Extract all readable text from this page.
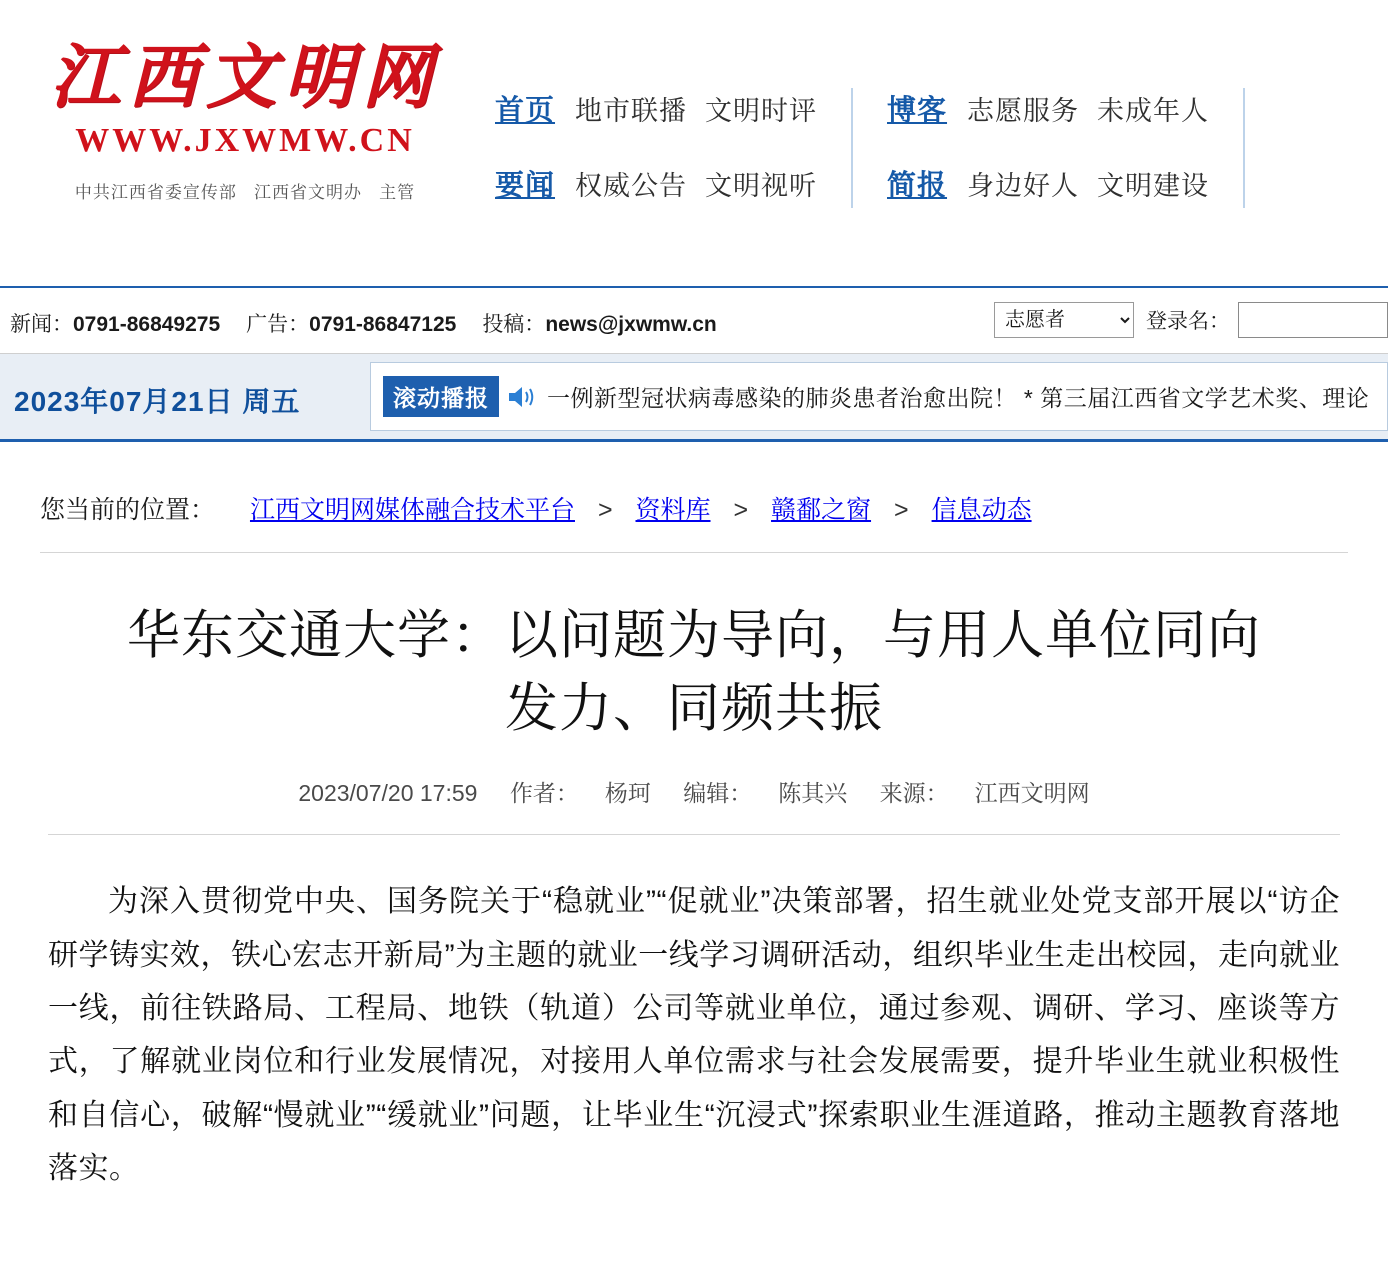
江西文明网
WWW.JXWMW.CN
中共江西省委宣传部 江西省文明办 主管
首页 地市联播 文明时评
要闻 权威公告 文明视听
博客 志愿服务 未成年人
简报 身边好人 文明建设
新闻：0791-86849275 广告：0791-86847125 投稿：news@jxwmw.cn
志愿者	登录名：
2023年07月21日 周五	滚动播报	一例新型冠状病毒感染的肺炎患者治愈出院！ * 第三届江西省文学艺术奖、理论
您当前的位置： 江西文明网媒体融合技术平台 > 资料库 > 赣鄱之窗 > 信息动态
华东交通大学：以问题为导向，与用人单位同向发力、同频共振
2023/07/20 17:59 作者： 杨珂 编辑： 陈其兴 来源： 江西文明网

为深入贯彻党中央、国务院关于“稳就业”“促就业”决策部署，招生就业处党支部开展以“访企研学铸实效，铁心宏志开新局”为主题的就业一线学习调研活动，组织毕业生走出校园，走向就业一线，前往铁路局、工程局、地铁（轨道）公司等就业单位，通过参观、调研、学习、座谈等方式，了解就业岗位和行业发展情况，对接用人单位需求与社会发展需要，提升毕业生就业积极性和自信心，破解“慢就业”“缓就业”问题，让毕业生“沉浸式”探索职业生涯道路，推动主题教育落地落实。
